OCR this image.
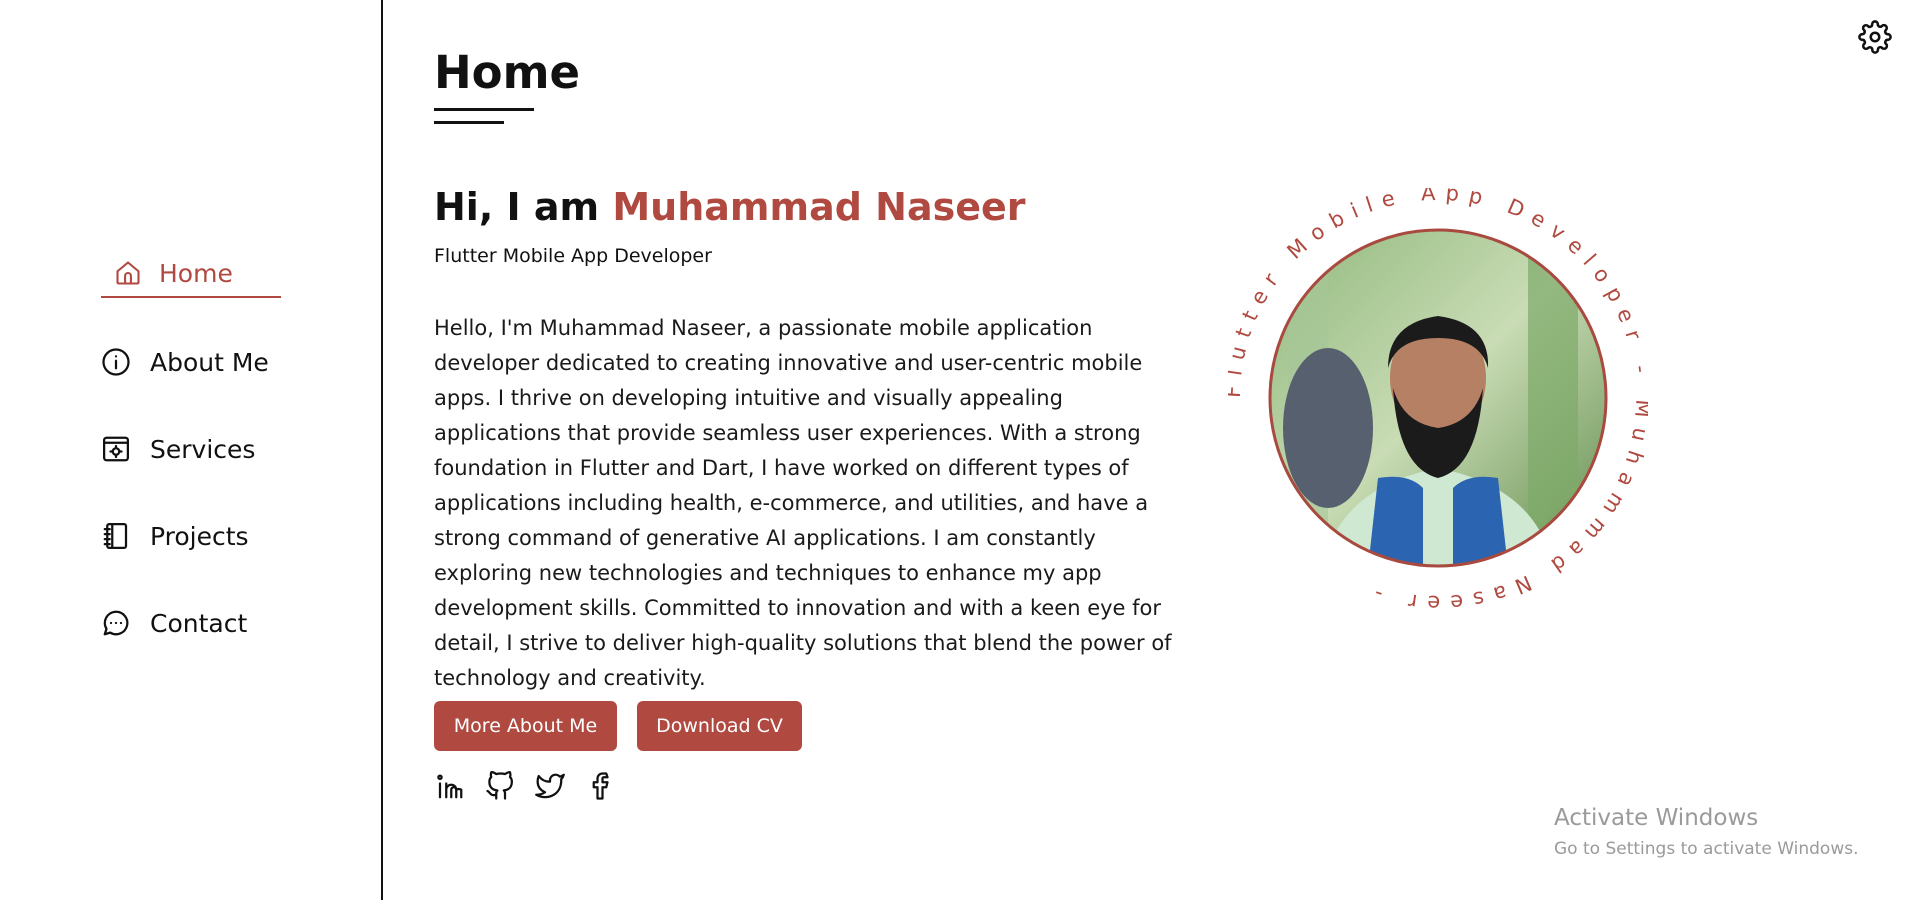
Home
About Me
Services
Projects
Contact
Home
Hi, I am Muhammad Naseer
Flutter Mobile App Developer

Hello, I'm Muhammad Naseer, a passionate mobile application developer dedicated to creating innovative and user-centric mobile apps. I thrive on developing intuitive and visually appealing applications that provide seamless user experiences. With a strong foundation in Flutter and Dart, I have worked on different types of applications including health, e-commerce, and utilities, and have a strong command of generative AI applications. I am constantly exploring new technologies and techniques to enhance my app development skills. Committed to innovation and with a keen eye for detail, I strive to deliver high-quality solutions that blend the power of technology and creativity.

More About Me	Download CV
tter Mobile App Developer hammad Naseer -
Activate Windows
Go to Settings to activate Windows.
